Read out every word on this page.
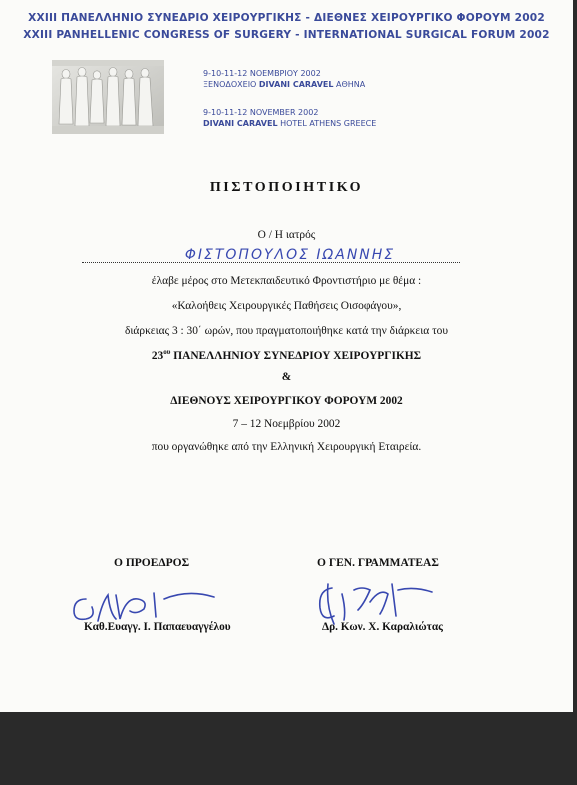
XXIII ΠΑΝΕΛΛΗΝΙΟ ΣΥΝΕΔΡΙΟ ΧΕΙΡΟΥΡΓΙΚΗΣ - ΔΙΕΘΝΕΣ ΧΕΙΡΟΥΡΓΙΚΟ ΦΟΡΟΥΜ 2002
XXIII PANHELLENIC CONGRESS OF SURGERY - INTERNATIONAL SURGICAL FORUM 2002
9-10-11-12 ΝΟΕΜΒΡΙΟΥ 2002
ΞΕΝΟΔΟΧΕΙΟ DIVANI CARAVEL ΑΘΗΝΑ
9-10-11-12 NOVEMBER 2002
DIVANI CARAVEL HOTEL ATHENS GREECE
ΠΙΣΤΟΠΟΙΗΤΙΚΟ
Ο / Η ιατρός
ΦΙΣΤΟΠΟΥΛΟΣ ΙΩΑΝΝΗΣ
έλαβε μέρος στο Μετεκπαιδευτικό Φροντιστήριο με θέμα :
«Καλοήθεις Χειρουργικές Παθήσεις Οισοφάγου»,
διάρκειας 3 : 30΄ ωρών, που πραγματοποιήθηκε κατά την διάρκεια του
$23^{o\upsilon}$ ΠΑΝΕΛΛΗΝΙΟΥ ΣΥΝΕΔΡΙΟΥ ΧΕΙΡΟΥΡΓΙΚΗΣ
&
ΔΙΕΘΝΟΥΣ ΧΕΙΡΟΥΡΓΙΚΟΥ ΦΟΡΟΥΜ 2002
7 – 12 Νοεμβρίου 2002
που οργανώθηκε από την Ελληνική Χειρουργική Εταιρεία.
Ο ΠΡΟΕΔΡΟΣ	Ο ΓΕΝ. ΓΡΑΜΜΑΤΕΑΣ
Καθ.Ευαγγ. Ι. Παπαευαγγέλου	Δρ. Κων. Χ. Καραλιώτας
